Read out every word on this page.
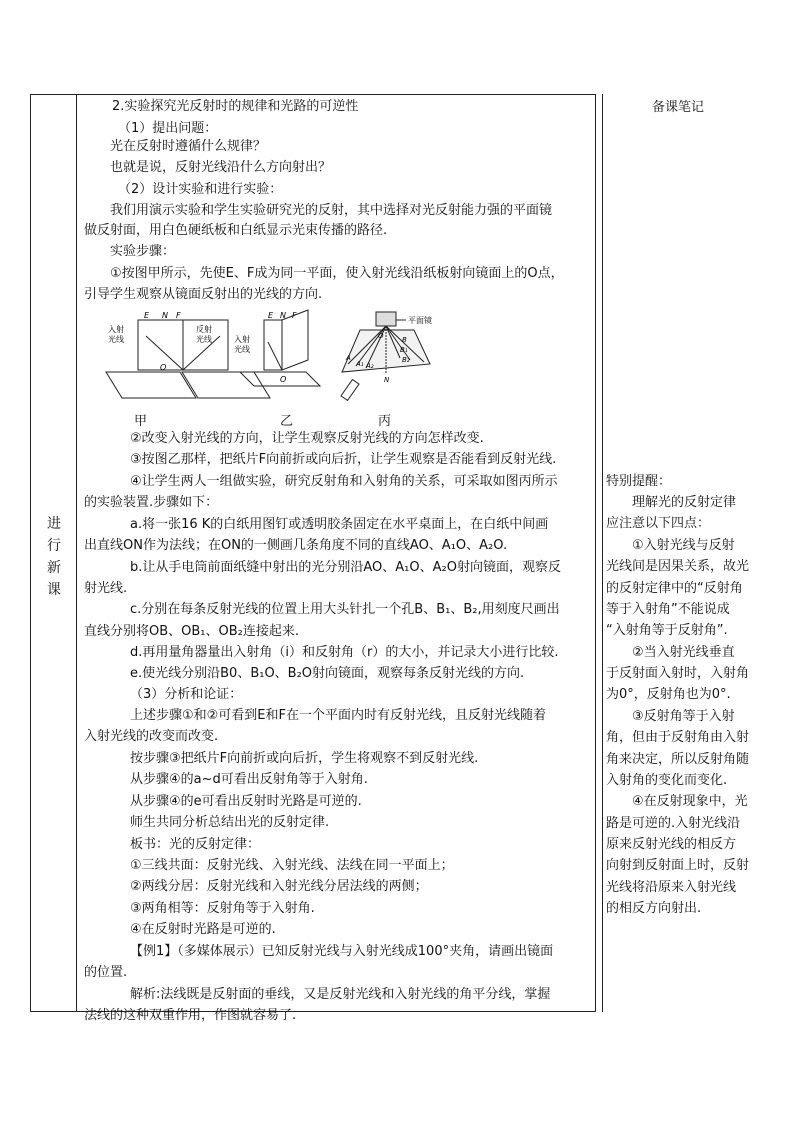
进
行
新
课
备课笔记
2.实验探究光反射时的规律和光路的可逆性
（1）提出问题：
光在反射时遵循什么规律？
也就是说，反射光线沿什么方向射出？
（2）设计实验和进行实验：
我们用演示实验和学生实验研究光的反射，其中选择对光反射能力强的平面镜
做反射面，用白色硬纸板和白纸显示光束传播的路径.
实验步骤：
①按图甲所示，先使E、F成为同一平面，使入射光线沿纸板射向镜面上的O点，
引导学生观察从镜面反射出的光线的方向.
E N F
O
入射
光线
反射
光线
E N F
O
入射
光线
平面镜
O
N
A
A₁ A₂
B
B₁
B₂
甲	乙	丙
②改变入射光线的方向，让学生观察反射光线的方向怎样改变.
③按图乙那样，把纸片F向前折或向后折，让学生观察是否能看到反射光线.
④让学生两人一组做实验，研究反射角和入射角的关系，可采取如图丙所示
的实验装置.步骤如下：
a.将一张16 K的白纸用图钉或透明胶条固定在水平桌面上，在白纸中间画
出直线ON作为法线；在ON的一侧画几条角度不同的直线AO、A₁O、A₂O.
b.让从手电筒前面纸缝中射出的光分别沿AO、A₁O、A₂O射向镜面，观察反
射光线.
c.分别在每条反射光线的位置上用大头针扎一个孔B、B₁、B₂,用刻度尺画出
直线分别将OB、OB₁、OB₂连接起来.
d.再用量角器量出入射角（i）和反射角（r）的大小，并记录大小进行比较.
e.使光线分别沿B0、B₁O、B₂O射向镜面，观察每条反射光线的方向.
（3）分析和论证：
上述步骤①和②可看到E和F在一个平面内时有反射光线，且反射光线随着
入射光线的改变而改变.
按步骤③把纸片F向前折或向后折，学生将观察不到反射光线.
从步骤④的a~d可看出反射角等于入射角.
从步骤④的e可看出反射时光路是可逆的.
师生共同分析总结出光的反射定律.
板书：光的反射定律：
①三线共面：反射光线、入射光线、法线在同一平面上；
②两线分居：反射光线和入射光线分居法线的两侧；
③两角相等：反射角等于入射角.
④在反射时光路是可逆的.
【例1】（多媒体展示）已知反射光线与入射光线成100°夹角，请画出镜面
的位置.
解析:法线既是反射面的垂线，又是反射光线和入射光线的角平分线，掌握
法线的这种双重作用，作图就容易了.
特别提醒：
理解光的反射定律
应注意以下四点：
①入射光线与反射
光线间是因果关系，故光
的反射定律中的“反射角
等于入射角”不能说成
“入射角等于反射角”.
②当入射光线垂直
于反射面入射时，入射角
为0°，反射角也为0°.
③反射角等于入射
角，但由于反射角由入射
角来决定，所以反射角随
入射角的变化而变化.
④在反射现象中，光
路是可逆的.入射光线沿
原来反射光线的相反方
向射到反射面上时，反射
光线将沿原来入射光线
的相反方向射出.
